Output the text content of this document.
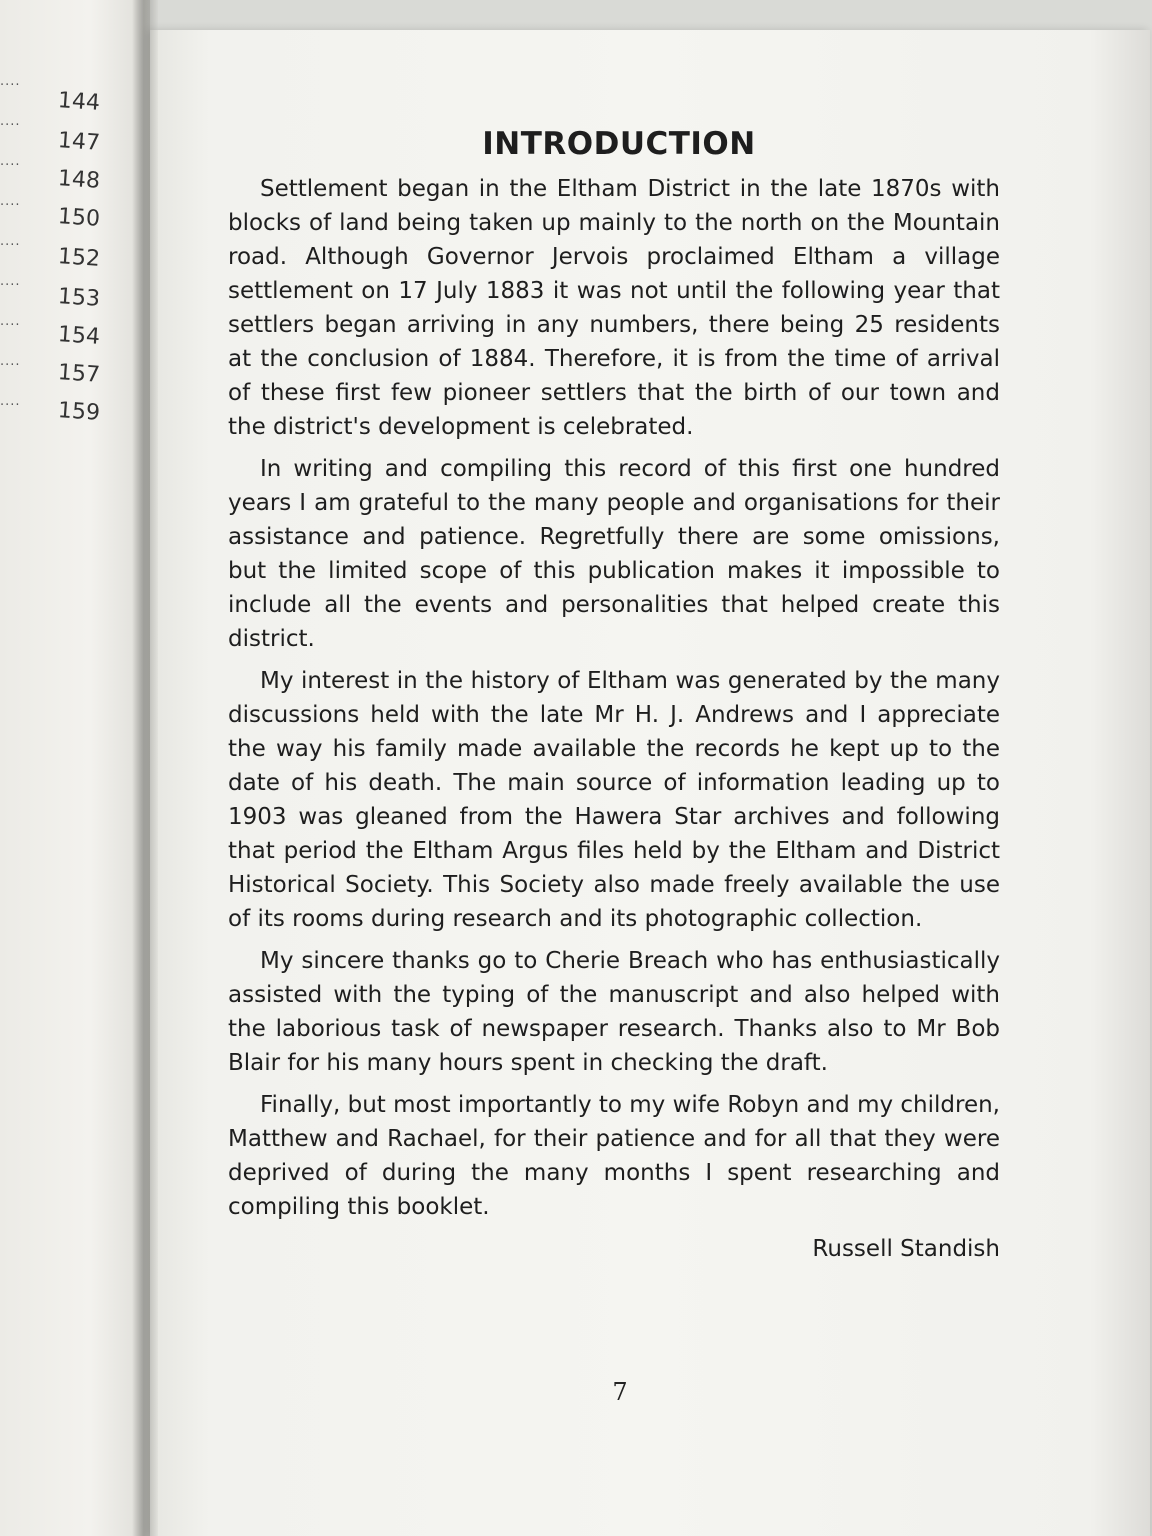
....
....
....
....
....
....
....
....
....
144
147
148
150
152
153
154
157
159
INTRODUCTION

Settlement began in the Eltham District in the late 1870s with blocks of land being taken up mainly to the north on the Mountain road. Although Governor Jervois proclaimed Eltham a village settlement on 17 July 1883 it was not until the following year that settlers began arriving in any numbers, there being 25 residents at the conclusion of 1884. Therefore, it is from the time of arrival of these first few pioneer settlers that the birth of our town and the district's development is celebrated.

In writing and compiling this record of this first one hundred years I am grateful to the many people and organisations for their assistance and patience. Regretfully there are some omissions, but the limited scope of this publication makes it impossible to include all the events and personalities that helped create this district.

My interest in the history of Eltham was generated by the many discussions held with the late Mr H. J. Andrews and I appreciate the way his family made available the records he kept up to the date of his death. The main source of information leading up to 1903 was gleaned from the Hawera Star archives and following that period the Eltham Argus files held by the Eltham and District Historical Society. This Society also made freely available the use of its rooms during research and its photographic collection.

My sincere thanks go to Cherie Breach who has enthusiastically assisted with the typing of the manuscript and also helped with the laborious task of newspaper research. Thanks also to Mr Bob Blair for his many hours spent in checking the draft.

Finally, but most importantly to my wife Robyn and my children, Matthew and Rachael, for their patience and for all that they were deprived of during the many months I spent researching and compiling this booklet.

Russell Standish
7
